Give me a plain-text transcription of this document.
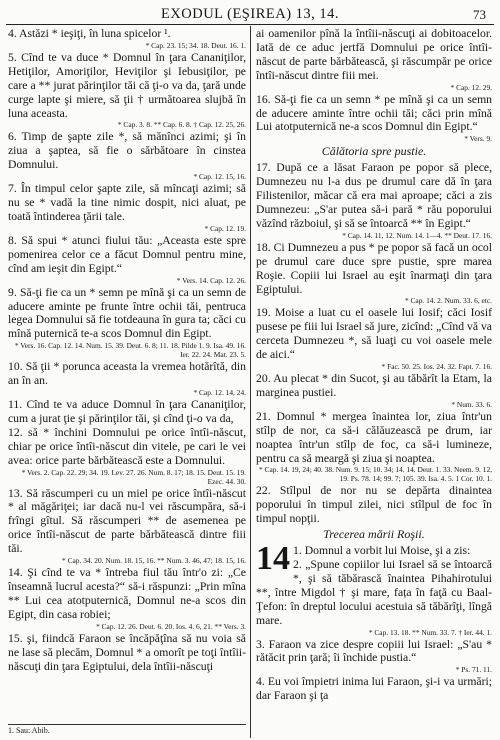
EXODUL (EŞIREA) 13, 14.	73

4. Astăzi * ieşiţi, în luna spicelor ¹.

* Cap. 23. 15; 34. 18. Deut. 16. 1.

5. Cînd te va duce * Domnul în ţara Cananiţilor, Hetiţilor, Amoriţilor, Heviţilor şi Iebusiţilor, pe care a ** jurat părinţilor tăi că ţi-o va da, ţară unde curge lapte şi miere, să ţii † următoarea slujbă în luna aceasta.

* Cap. 3. 8. ** Cap. 6. 8. † Cap. 12. 25, 26.

6. Timp de şapte zile *, să mănînci azimi; şi în ziua a şaptea, să fie o sărbătoare în cinstea Domnului.

* Cap. 12. 15, 16.

7. În timpul celor şapte zile, să mîncaţi azimi; să nu se * vadă la tine nimic dospit, nici aluat, pe toată întinderea ţării tale.

* Cap. 12. 19.

8. Să spui * atunci fiului tău: „Aceasta este spre pomenirea celor ce a făcut Domnul pentru mine, cînd am ieşit din Egipt.“

* Vers. 14. Cap. 12. 26.

9. Să-ţi fie ca un * semn pe mînă şi ca un semn de aducere aminte pe frunte între ochii tăi, pentruca legea Domnului să fie totdeauna în gura ta; căci cu mînă puternică te-a scos Domnul din Egipt.

* Vers. 16. Cap. 12. 14. Num. 15. 39. Deut. 6. 8; 11. 18. Pilde 1. 9. Isa. 49. 16. Ier. 22. 24. Mat. 23. 5.

10. Să ţii * porunca aceasta la vremea hotărîtă, din an în an.

* Cap. 12. 14, 24.

11. Cînd te va aduce Domnul în ţara Cananiţilor, cum a jurat ţie şi părinţilor tăi, şi cînd ţi-o va da,

12. să * închini Domnului pe orice întîi-născut, chiar pe orice întîi-născut din vitele, pe cari le vei avea: orice parte bărbătească este a Domnului.

* Vers. 2. Cap. 22. 29; 34. 19. Lev. 27. 26. Num. 8. 17; 18. 15. Deut. 15. 19. Ezec. 44. 30.

13. Să răscumperi cu un miel pe orice întîi-născut * al măgăriţei; iar dacă nu-l vei răscumpăra, să-i frîngi gîtul. Să răscumperi ** de asemenea pe orice întîi-născut de parte bărbătească dintre fiii tăi.

* Cap. 34. 20. Num. 18. 15, 16. ** Num. 3. 46, 47; 18. 15, 16.

14. Şi cînd te va * întreba fiul tău într'o zi: „Ce înseamnă lucrul acesta?“ să-i răspunzi: „Prin mîna ** Lui cea atotputernică, Domnul ne-a scos din Egipt, din casa robiei;

* Cap. 12. 26. Deut. 6. 20. Ios. 4. 6, 21. ** Vers. 3.

15. şi, fiindcă Faraon se încăpăţîna să nu voia să ne lase să plecăm, Domnul * a omorît pe toţi întîii-născuţi din ţara Egiptului, dela întîii-născuţi

ai oamenilor pînă la întîii-născuţi ai dobitoacelor. Iată de ce aduc jertfă Domnului pe orice întîi-născut de parte bărbătească, şi răscumpăr pe orice întîi-născut dintre fiii mei.

* Cap. 12. 29.

16. Să-ţi fie ca un semn * pe mînă şi ca un semn de aducere aminte între ochii tăi; căci prin mînă Lui atotputernică ne-a scos Domnul din Egipt.“

* Vers. 9.
Călătoria spre pustie.

17. După ce a lăsat Faraon pe popor să plece, Dumnezeu nu l-a dus pe drumul care dă în ţara Filistenilor, măcar că era mai aproape; căci a zis Dumnezeu: „S'ar putea să-i pară * rău poporului văzînd războiul, şi să se întoarcă ** în Egipt.“

* Cap. 14. 11, 12. Num. 14. 1—4. ** Deut. 17. 16.

18. Ci Dumnezeu a pus * pe popor să facă un ocol pe drumul care duce spre pustie, spre marea Roşie. Copiii lui Israel au eşit înarmaţi din ţara Egiptului.

* Cap. 14. 2. Num. 33. 6, etc.

19. Moise a luat cu el oasele lui Iosif; căci Iosif pusese pe fiii lui Israel să jure, zicînd: „Cînd vă va cerceta Dumnezeu *, să luaţi cu voi oasele mele de aici.“

* Fac. 50. 25. Ios. 24. 32. Fapt. 7. 16.

20. Au plecat * din Sucot, şi au tăbărît la Etam, la marginea pustiei.

* Num. 33. 6.

21. Domnul * mergea înaintea lor, ziua într'un stîlp de nor, ca să-i călăuzească pe drum, iar noaptea într'un stîlp de foc, ca să-i lumineze, pentru ca să meargă şi ziua şi noaptea.

* Cap. 14. 19, 24; 40. 38. Num. 9. 15; 10. 34; 14. 14. Deut. 1. 33. Neem. 9. 12, 19. Ps. 78. 14; 99. 7; 105. 39. Isa. 4. 5. 1 Cor. 10. 1.

22. Stîlpul de nor nu se depărta dinaintea poporului în timpul zilei, nici stîlpul de foc în timpul nopţii.

Trecerea mării Roşii.
14 1. Domnul a vorbit lui Moise, şi a zis:

2. „Spune copiilor lui Israel să se întoarcă *, şi să tăbărască înaintea Pihahirotului **, între Migdol † şi mare, fața în faţă cu Baal-Ţefon: în dreptul locului acestuia să tăbărîţi, lîngă mare.

* Cap. 13. 18. ** Num. 33. 7. † Ier. 44. 1.

3. Faraon va zice despre copiii lui Israel: „S'au * rătăcit prin ţară; îi închide pustia.“

* Ps. 71. 11.

4. Eu voi împietri inima lui Faraon, şi-i va urmări; dar Faraon şi ţa

1. Sau: Abib.
